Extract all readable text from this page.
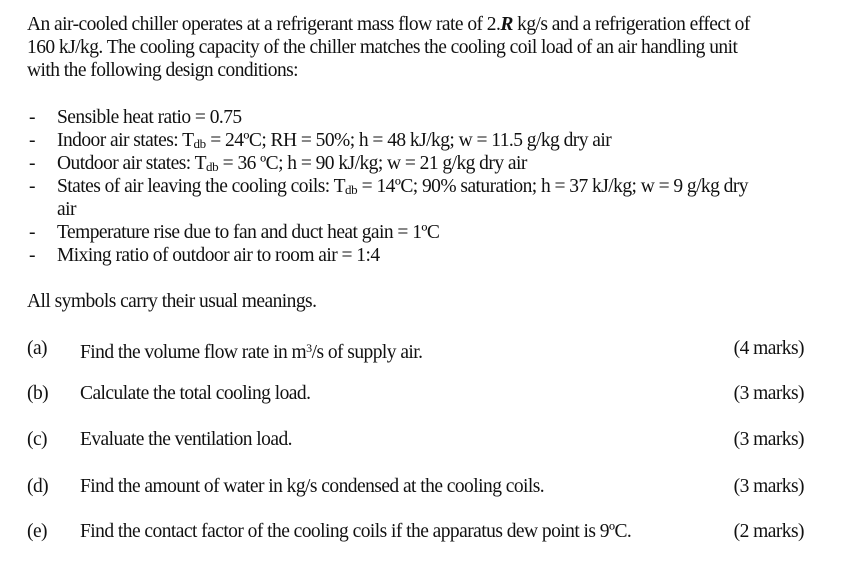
An air-cooled chiller operates at a refrigerant mass flow rate of 2.R kg/s and a refrigeration effect of
160 kJ/kg. The cooling capacity of the chiller matches the cooling coil load of an air handling unit
with the following design conditions:
- Sensible heat ratio = 0.75
- Indoor air states: $T_{db}$ = 24ºC; RH = 50%; h = 48 kJ/kg; w = 11.5 g/kg dry air
- Outdoor air states: $T_{db} = 36$ ºC; h = 90 kJ/kg; w = 21 g/kg dry air
- States of air leaving the cooling coils: $T_{db}$ = 14ºC; 90% saturation; h = 37 kJ/kg; w = 9 g/kg dry
air
- Temperature rise due to fan and duct heat gain = 1ºC
- Mixing ratio of outdoor air to room air = 1:4
All symbols carry their usual meanings.
(a) Find the volume flow rate in $m^3/s$ of supply air.	(4 marks)
(b) Calculate the total cooling load.	(3 marks)
(c) Evaluate the ventilation load.	(3 marks)
(d) Find the amount of water in kg/s condensed at the cooling coils.	(3 marks)
(e) Find the contact factor of the cooling coils if the apparatus dew point is 9ºC.	(2 marks)
